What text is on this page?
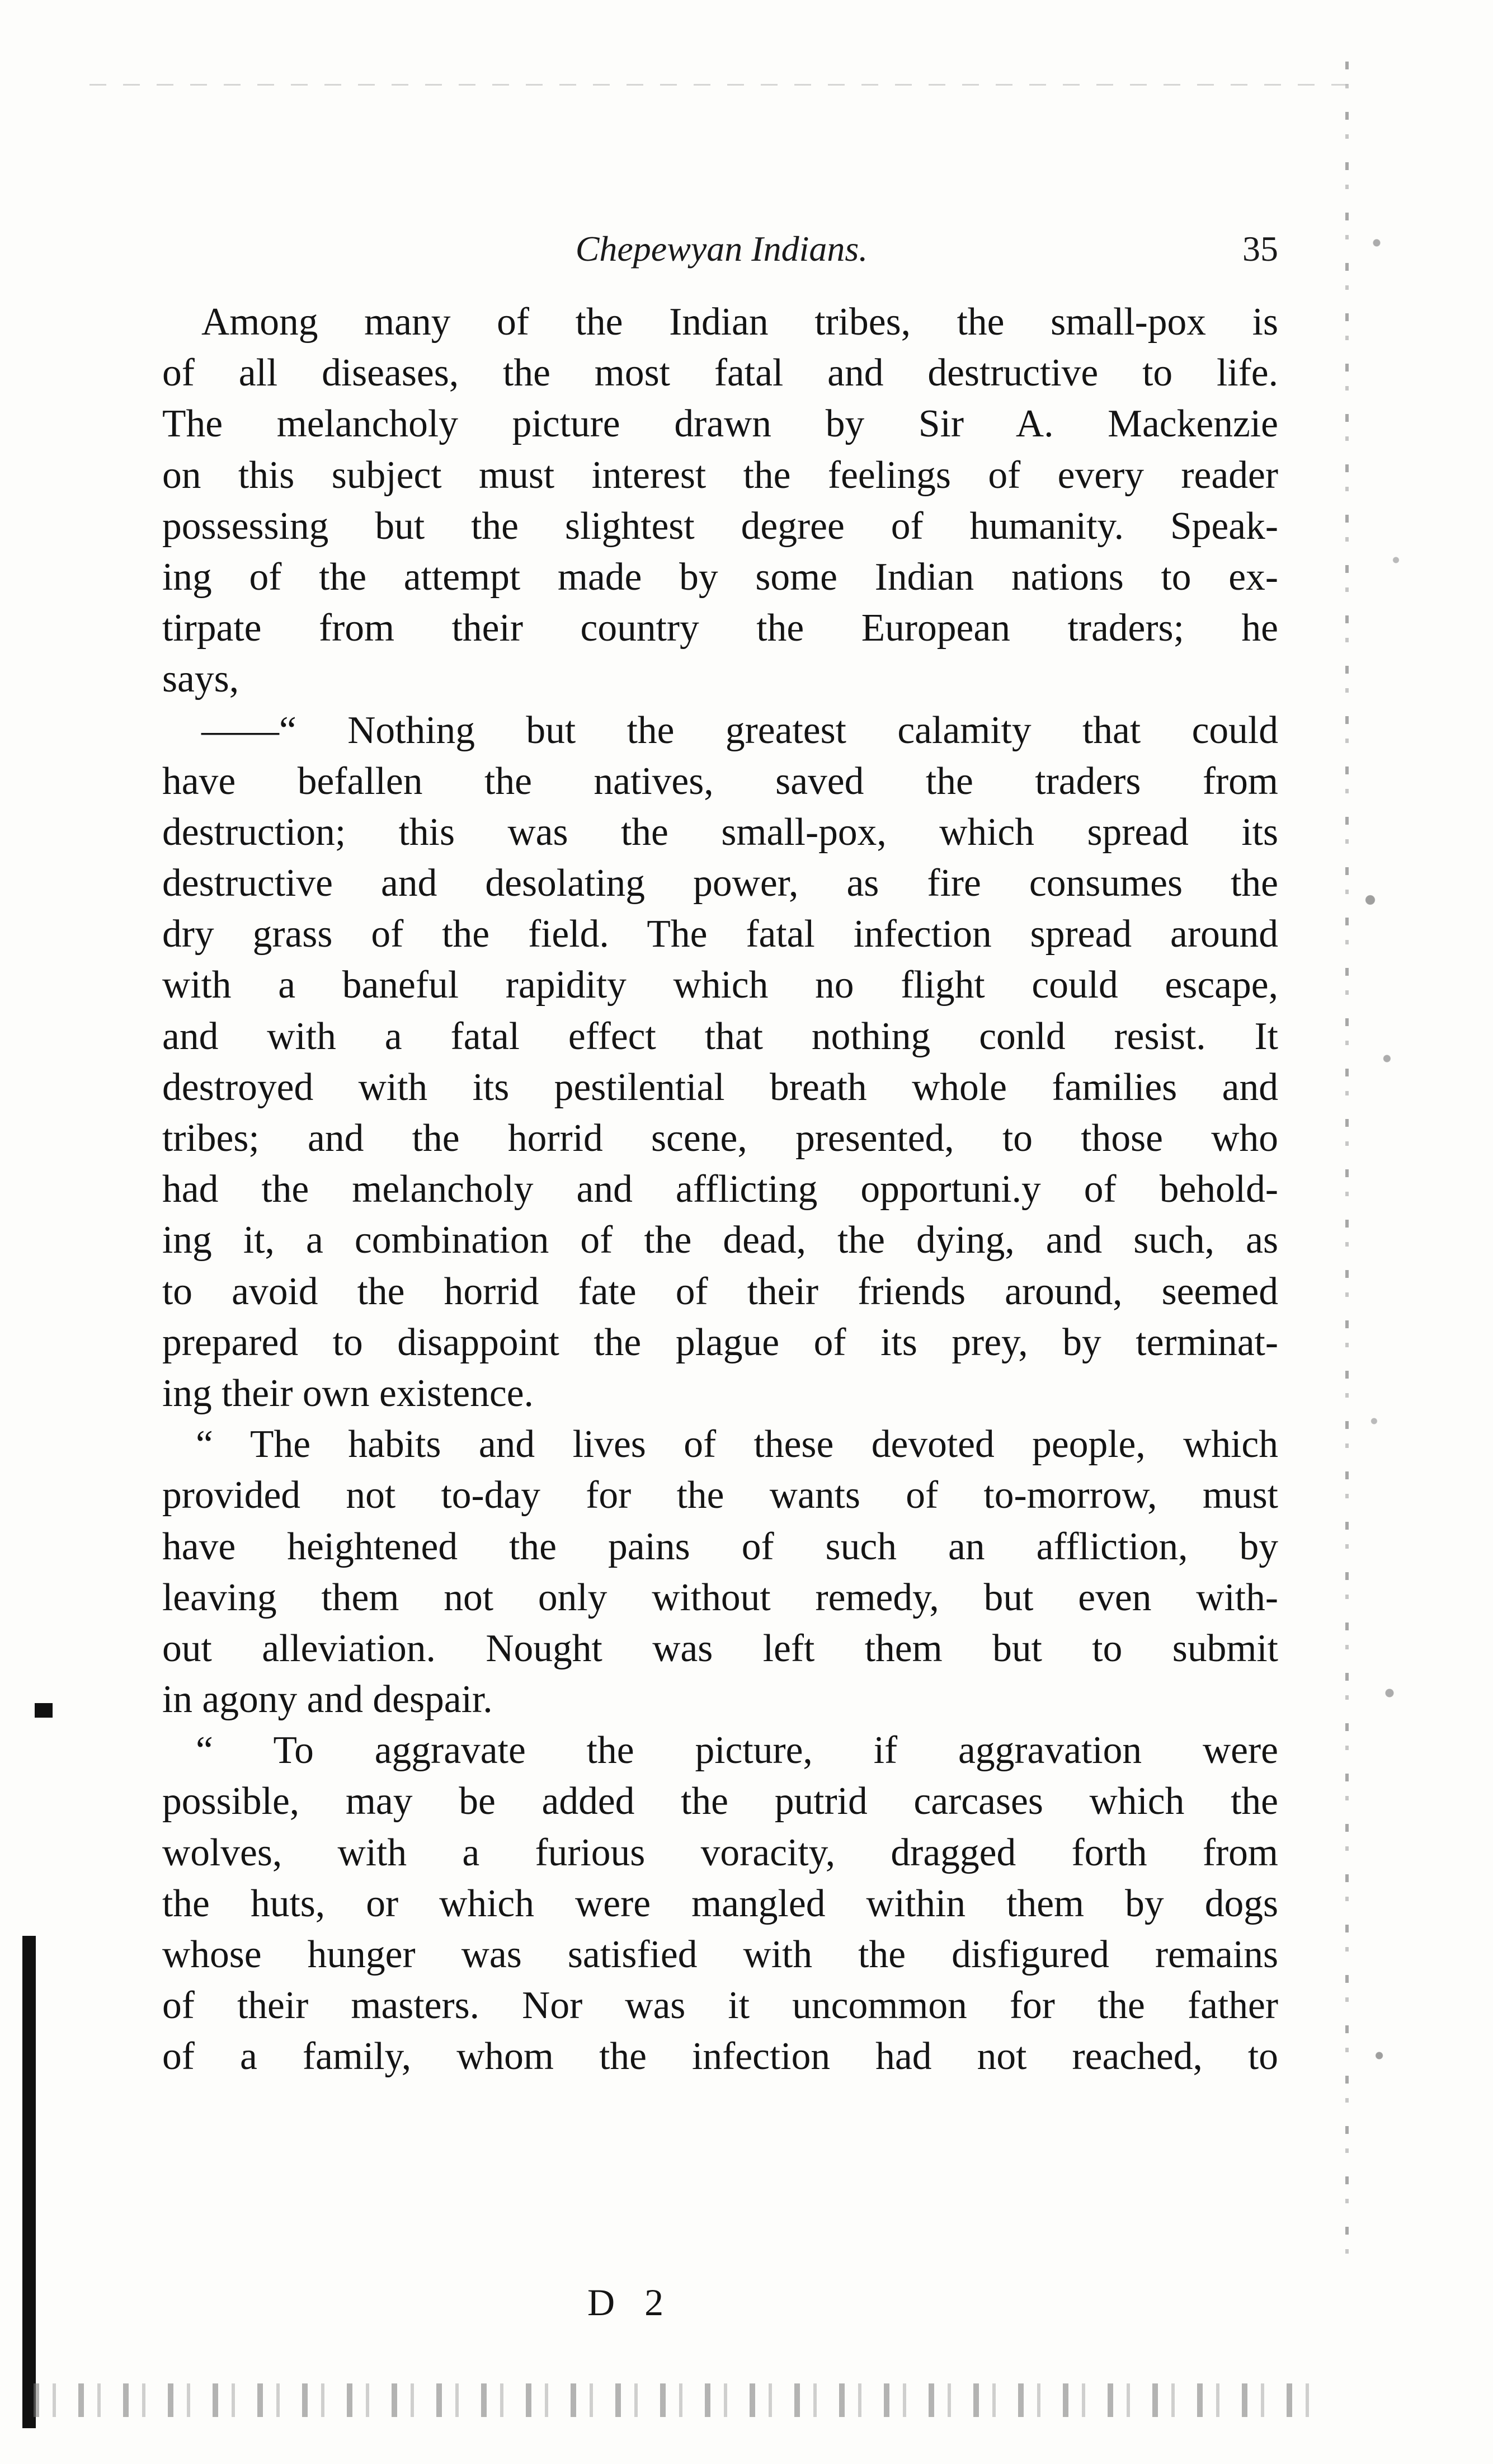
Chepewyan Indians.	35
Among many of the Indian tribes, the small-pox is
of all diseases, the most fatal and destructive to life.
The melancholy picture drawn by Sir A. Mackenzie
on this subject must interest the feelings of every reader
possessing but the slightest degree of humanity. Speak-
ing of the attempt made by some Indian nations to ex-
tirpate from their country the European traders; he
says,
——“ Nothing but the greatest calamity that could
have befallen the natives, saved the traders from
destruction; this was the small-pox, which spread its
destructive and desolating power, as fire consumes the
dry grass of the field. The fatal infection spread around
with a baneful rapidity which no flight could escape,
and with a fatal effect that nothing conld resist. It
destroyed with its pestilential breath whole families and
tribes; and the horrid scene, presented, to those who
had the melancholy and afflicting opportuni.y of behold-
ing it, a combination of the dead, the dying, and such, as
to avoid the horrid fate of their friends around, seemed
prepared to disappoint the plague of its prey, by terminat-
ing their own existence.
“ The habits and lives of these devoted people, which
provided not to-day for the wants of to-morrow, must
have heightened the pains of such an affliction, by
leaving them not only without remedy, but even with-
out alleviation. Nought was left them but to submit
in agony and despair.
“ To aggravate the picture, if aggravation were
possible, may be added the putrid carcases which the
wolves, with a furious voracity, dragged forth from
the huts, or which were mangled within them by dogs
whose hunger was satisfied with the disfigured remains
of their masters. Nor was it uncommon for the father
of a family, whom the infection had not reached, to
D 2
